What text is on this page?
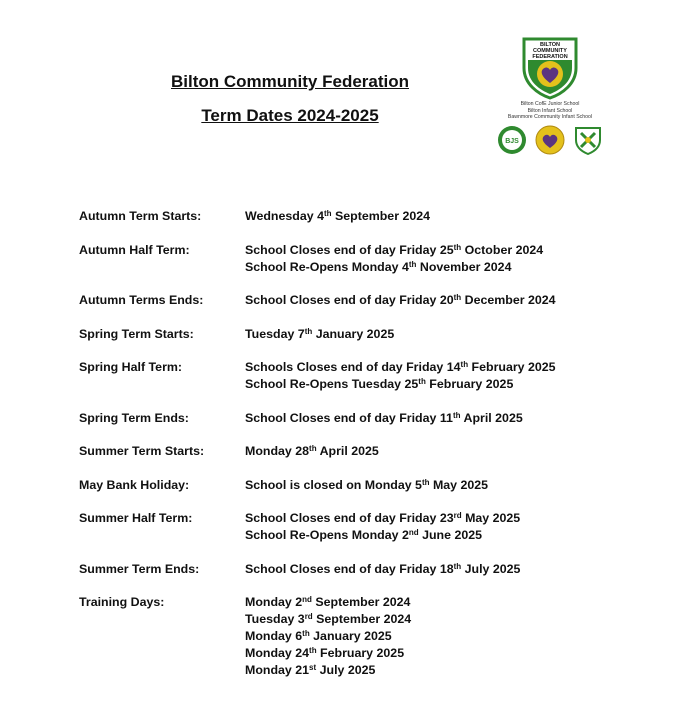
Bilton Community Federation
Term Dates 2024-2025
BILTON
COMMUNITY
FEDERATION
Bilton CofE Junior School
Bilton Infant School
Bawnmore Community Infant School
BJS
Autumn Term Starts:	Wednesday 4th September 2024
Autumn Half Term:	School Closes end of day Friday 25th October 2024
School Re-Opens Monday 4th November 2024
Autumn Terms Ends:	School Closes end of day Friday 20th December 2024
Spring Term Starts:	Tuesday 7th January 2025
Spring Half Term:	Schools Closes end of day Friday 14th February 2025
School Re-Opens Tuesday 25th February 2025
Spring Term Ends:	School Closes end of day Friday 11th April 2025
Summer Term Starts:	Monday 28th April 2025
May Bank Holiday:	School is closed on Monday 5th May 2025
Summer Half Term:	School Closes end of day Friday 23rd May 2025
School Re-Opens Monday 2nd June 2025
Summer Term Ends:	School Closes end of day Friday 18th July 2025
Training Days:	Monday 2nd September 2024
Tuesday 3rd September 2024
Monday 6th January 2025
Monday 24th February 2025
Monday 21st July 2025
